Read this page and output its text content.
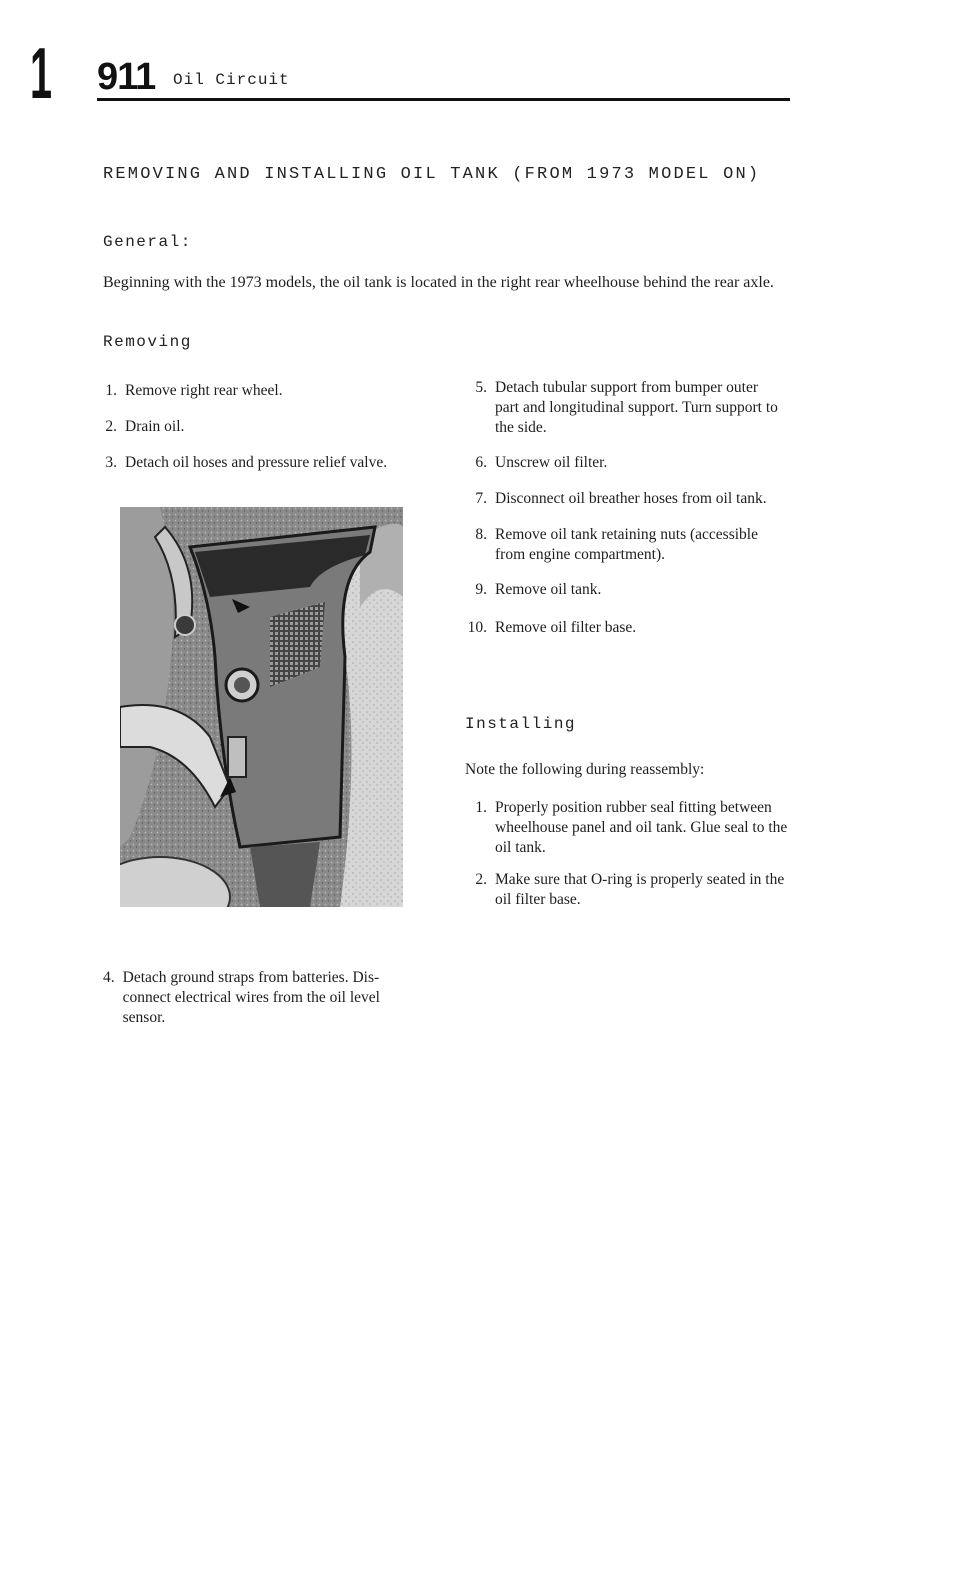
1 911 Oil Circuit
REMOVING AND INSTALLING OIL TANK (FROM 1973 MODEL ON)
General:
Beginning with the 1973 models, the oil tank is located in the right rear wheelhouse behind the rear axle.
Removing
1. Remove right rear wheel.
2. Drain oil.
3. Detach oil hoses and pressure relief valve.
4. Detach ground straps from batteries. Dis- connect electrical wires from the oil level sensor.
5. Detach tubular support from bumper outer part and longitudinal support. Turn support to the side.
6. Unscrew oil filter.
7. Disconnect oil breather hoses from oil tank.
8. Remove oil tank retaining nuts (accessible from engine compartment).
9. Remove oil tank.
10. Remove oil filter base.
Installing
Note the following during reassembly:
1. Properly position rubber seal fitting between wheelhouse panel and oil tank. Glue seal to the oil tank.
2. Make sure that O-ring is properly seated in the oil filter base.
